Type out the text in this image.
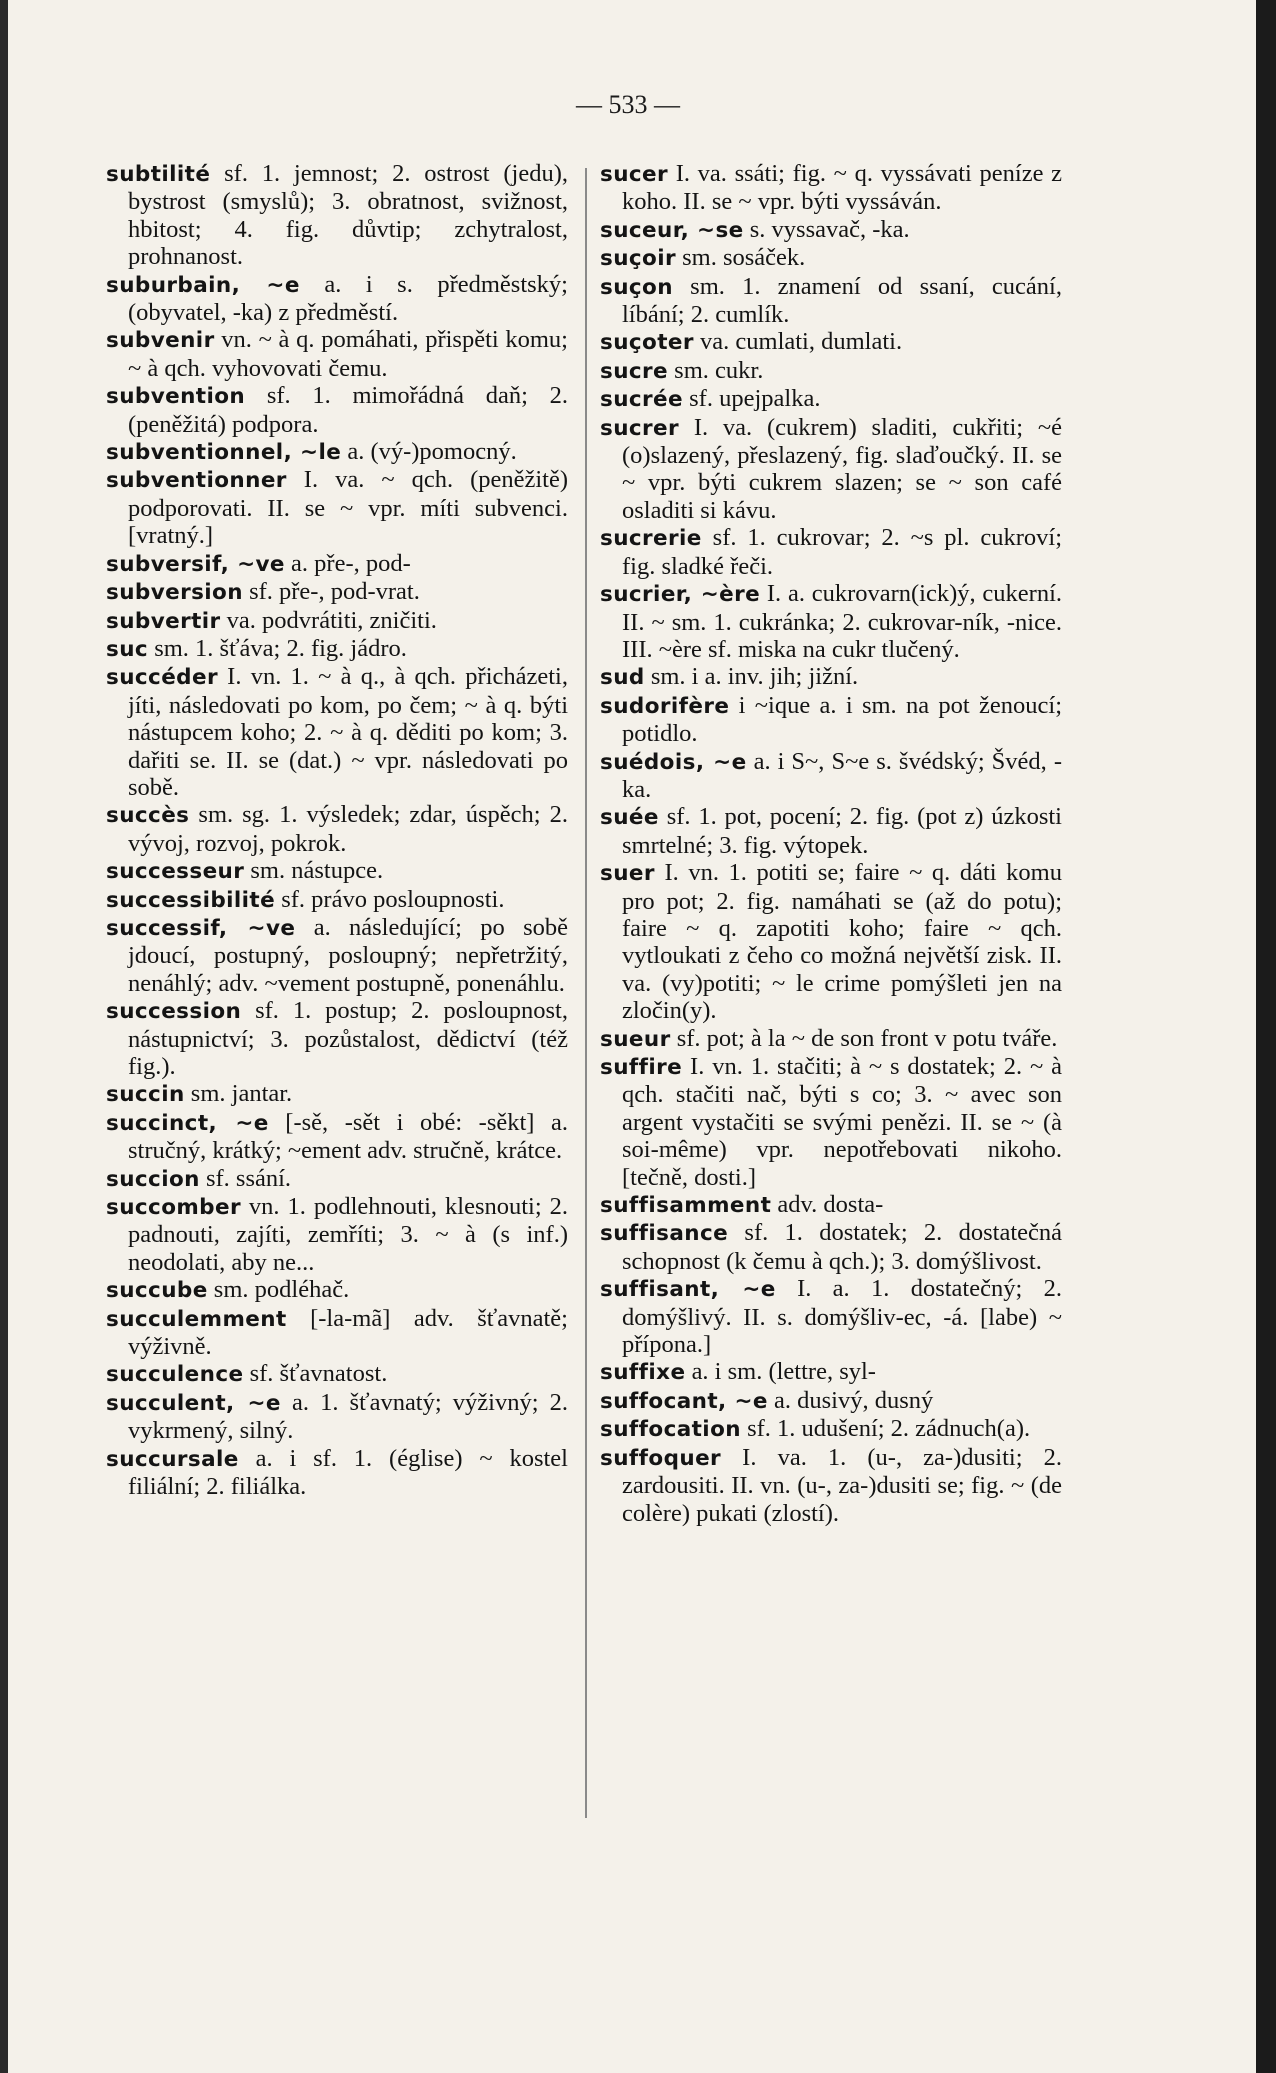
— 533 —

subtilité sf. 1. jemnost; 2. ostrost (jedu), bystrost (smyslů); 3. obratnost, svižnost, hbitost; 4. fig. důvtip; zchytralost, prohnanost.

suburbain, ~e a. i s. předměstský; (obyvatel, -ka) z předměstí.

subvenir vn. ~ à q. pomáhati, přispěti komu; ~ à qch. vyhovovati čemu.

subvention sf. 1. mimořádná daň; 2. (peněžitá) podpora.

subventionnel, ~le a. (vý-)pomocný.

subventionner I. va. ~ qch. (peněžitě) podporovati. II. se ~ vpr. míti subvenci. [vratný.]

subversif, ~ve a. pře-, pod-

subversion sf. pře-, pod-vrat.

subvertir va. podvrátiti, zničiti.

suc sm. 1. šťáva; 2. fig. jádro.

succéder I. vn. 1. ~ à q., à qch. přicházeti, jíti, následovati po kom, po čem; ~ à q. býti nástupcem koho; 2. ~ à q. děditi po kom; 3. dařiti se. II. se (dat.) ~ vpr. následovati po sobě.

succès sm. sg. 1. výsledek; zdar, úspěch; 2. vývoj, rozvoj, pokrok.

successeur sm. nástupce.

successibilité sf. právo posloupnosti.

successif, ~ve a. následující; po sobě jdoucí, postupný, posloupný; nepřetržitý, nenáhlý; adv. ~vement postupně, ponenáhlu.

succession sf. 1. postup; 2. posloupnost, nástupnictví; 3. pozůstalost, dědictví (též fig.).

succin sm. jantar.

succinct, ~e [-sě, -sět i obé: -sěkt] a. stručný, krátký; ~ement adv. stručně, krátce.

succion sf. ssání.

succomber vn. 1. podlehnouti, klesnouti; 2. padnouti, zajíti, zemříti; 3. ~ à (s inf.) neodolati, aby ne...

succube sm. podléhač.

succulemment [-la-mã] adv. šťavnatě; výživně.

succulence sf. šťavnatost.

succulent, ~e a. 1. šťavnatý; výživný; 2. vykrmený, silný.

succursale a. i sf. 1. (église) ~ kostel filiální; 2. filiálka.

sucer I. va. ssáti; fig. ~ q. vyssávati peníze z koho. II. se ~ vpr. býti vyssáván.

suceur, ~se s. vyssavač, -ka.

suçoir sm. sosáček.

suçon sm. 1. znamení od ssaní, cucání, líbání; 2. cumlík.

suçoter va. cumlati, dumlati.

sucre sm. cukr.

sucrée sf. upejpalka.

sucrer I. va. (cukrem) sladiti, cukřiti; ~é (o)slazený, přeslazený, fig. slaďoučký. II. se ~ vpr. býti cukrem slazen; se ~ son café osladiti si kávu.

sucrerie sf. 1. cukrovar; 2. ~s pl. cukroví; fig. sladké řeči.

sucrier, ~ère I. a. cukrovarn(ick)ý, cukerní. II. ~ sm. 1. cukránka; 2. cukrovar-ník, -nice. III. ~ère sf. miska na cukr tlučený.

sud sm. i a. inv. jih; jižní.

sudorifère i ~ique a. i sm. na pot ženoucí; potidlo.

suédois, ~e a. i S~, S~e s. švédský; Švéd, -ka.

suée sf. 1. pot, pocení; 2. fig. (pot z) úzkosti smrtelné; 3. fig. výtopek.

suer I. vn. 1. potiti se; faire ~ q. dáti komu pro pot; 2. fig. namáhati se (až do potu); faire ~ q. zapotiti koho; faire ~ qch. vytloukati z čeho co možná největší zisk. II. va. (vy)potiti; ~ le crime pomýšleti jen na zločin(y).

sueur sf. pot; à la ~ de son front v potu tváře.

suffire I. vn. 1. stačiti; à ~ s dostatek; 2. ~ à qch. stačiti nač, býti s co; 3. ~ avec son argent vystačiti se svými penězi. II. se ~ (à soi-même) vpr. nepotřebovati nikoho. [tečně, dosti.]

suffisamment adv. dosta-

suffisance sf. 1. dostatek; 2. dostatečná schopnost (k čemu à qch.); 3. domýšlivost.

suffisant, ~e I. a. 1. dostatečný; 2. domýšlivý. II. s. domýšliv-ec, -á. [labe) ~ přípona.]

suffixe a. i sm. (lettre, syl-

suffocant, ~e a. dusivý, dusný

suffocation sf. 1. udušení; 2. zádnuch(a).

suffoquer I. va. 1. (u-, za-)dusiti; 2. zardousiti. II. vn. (u-, za-)dusiti se; fig. ~ (de colère) pukati (zlostí).
